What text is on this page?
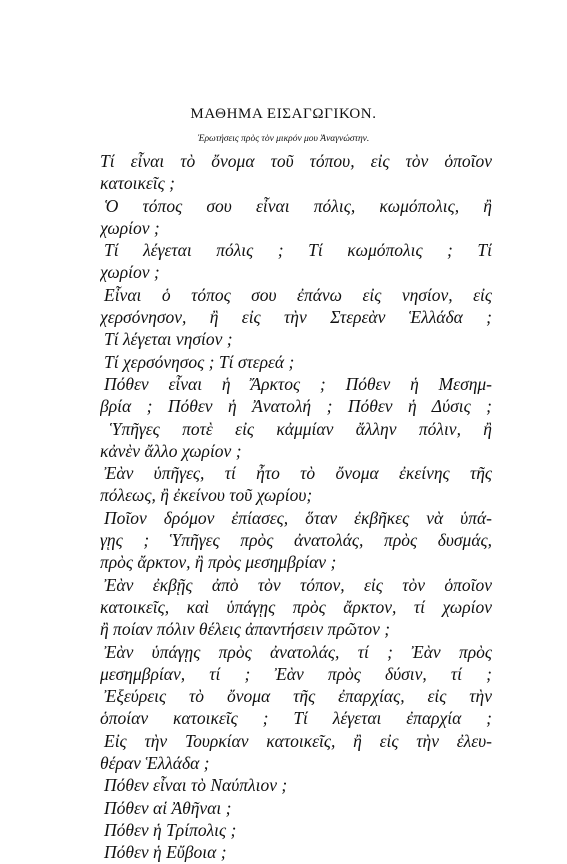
ΜΑΘΗΜΑ ΕΙΣΑΓΩΓΙΚΟΝ.
Ἐρωτήσεις πρὸς τὸν μικρόν μου Ἀναγνώστην.
Τί εἶναι τὸ ὄνομα τοῦ τόπου, εἰς τὸν ὁποῖον
κατοικεῖς ;
Ὁ τόπος σου εἶναι πόλις, κωμόπολις, ἢ
χωρίον ;
Τί λέγεται πόλις ; Τί κωμόπολις ; Τί
χωρίον ;
Εἶναι ὁ τόπος σου ἐπάνω εἰς νησίον, εἰς
χερσόνησον, ἢ εἰς τὴν Στερεὰν Ἑλλάδα ;
Τί λέγεται νησίον ;
Τί χερσόνησος ; Τί στερεά ;
Πόθεν εἶναι ἡ Ἄρκτος ; Πόθεν ἡ Μεσημ-
βρία ; Πόθεν ἡ Ἀνατολή ; Πόθεν ἡ Δύσις ;
Ὑπῆγες ποτὲ εἰς κἀμμίαν ἄλλην πόλιν, ἢ
κἀνὲν ἄλλο χωρίον ;
Ἐὰν ὑπῆγες, τί ἦτο τὸ ὄνομα ἐκείνης τῆς
πόλεως, ἢ ἐκείνου τοῦ χωρίου;
Ποῖον δρόμον ἐπίασες, ὅταν ἐκβῆκες νὰ ὑπά-
γῃς ; Ὑπῆγες πρὸς ἀνατολάς, πρὸς δυσμάς,
πρὸς ἄρκτον, ἢ πρὸς μεσημβρίαν ;
Ἐὰν ἐκβῇς ἀπὸ τὸν τόπον, εἰς τὸν ὁποῖον
κατοικεῖς, καὶ ὑπάγῃς πρὸς ἄρκτον, τί χωρίον
ἢ ποίαν πόλιν θέλεις ἀπαντήσειν πρῶτον ;
Ἐὰν ὑπάγῃς πρὸς ἀνατολάς, τί ; Ἐὰν πρὸς
μεσημβρίαν, τί ; Ἐὰν πρὸς δύσιν, τί ;
Ἐξεύρεις τὸ ὄνομα τῆς ἐπαρχίας, εἰς τὴν
ὁποίαν κατοικεῖς ; Τί λέγεται ἐπαρχία ;
Εἰς τὴν Τουρκίαν κατοικεῖς, ἢ εἰς τὴν ἐλευ-
θέραν Ἑλλάδα ;
Πόθεν εἶναι τὸ Ναύπλιον ;
Πόθεν αἱ Ἀθῆναι ;
Πόθεν ἡ Τρίπολις ;
Πόθεν ἡ Εὔβοια ;
